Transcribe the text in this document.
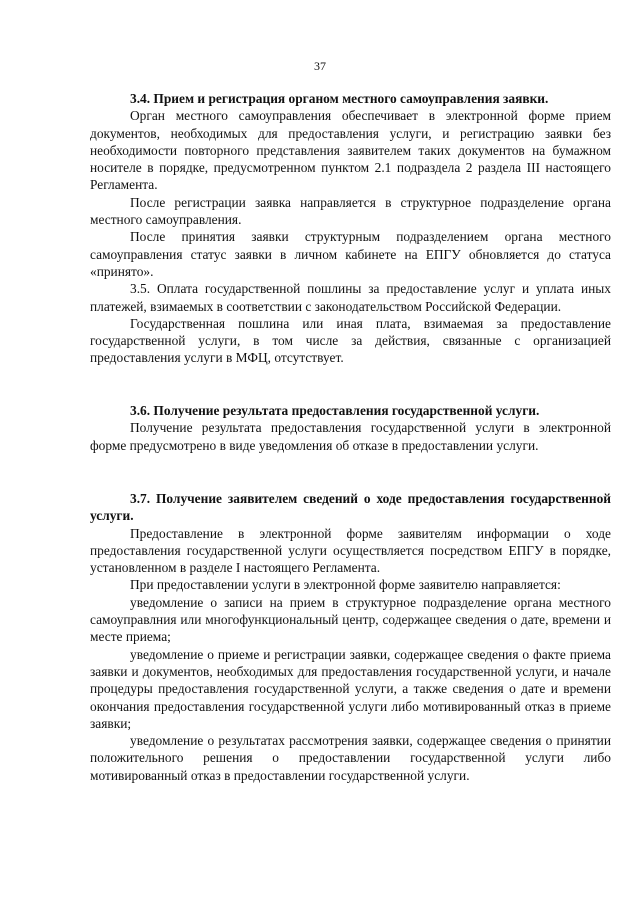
37

3.4. Прием и регистрация органом местного самоуправления заявки.

Орган местного самоуправления обеспечивает в электронной форме прием документов, необходимых для предоставления услуги, и регистрацию заявки без необходимости повторного представления заявителем таких документов на бумажном носителе в порядке, предусмотренном пунктом 2.1 подраздела 2 раздела III настоящего Регламента.

После регистрации заявка направляется в структурное подразделение органа местного самоуправления.

После принятия заявки структурным подразделением органа местного самоуправления статус заявки в личном кабинете на ЕПГУ обновляется до статуса «принято».

3.5. Оплата государственной пошлины за предоставление услуг и уплата иных платежей, взимаемых в соответствии с законодательством Российской Федерации.

Государственная пошлина или иная плата, взимаемая за предоставление государственной услуги, в том числе за действия, связанные с организацией предоставления услуги в МФЦ, отсутствует.

3.6. Получение результата предоставления государственной услуги.

Получение результата предоставления государственной услуги в электронной форме предусмотрено в виде уведомления об отказе в предоставлении услуги.

3.7. Получение заявителем сведений о ходе предоставления государственной услуги.

Предоставление в электронной форме заявителям информации о ходе предоставления государственной услуги осуществляется посредством ЕПГУ в порядке, установленном в разделе I настоящего Регламента.

При предоставлении услуги в электронной форме заявителю направляется:

уведомление о записи на прием в структурное подразделение органа местного самоуправлния или многофункциональный центр, содержащее сведения о дате, времени и месте приема;

уведомление о приеме и регистрации заявки, содержащее сведения о факте приема заявки и документов, необходимых для предоставления государственной услуги, и начале процедуры предоставления государственной услуги, а также сведения о дате и времени окончания предоставления государственной услуги либо мотивированный отказ в приеме заявки;

уведомление о результатах рассмотрения заявки, содержащее сведения о принятии положительного решения о предоставлении государственной услуги либо мотивированный отказ в предоставлении государственной услуги.
